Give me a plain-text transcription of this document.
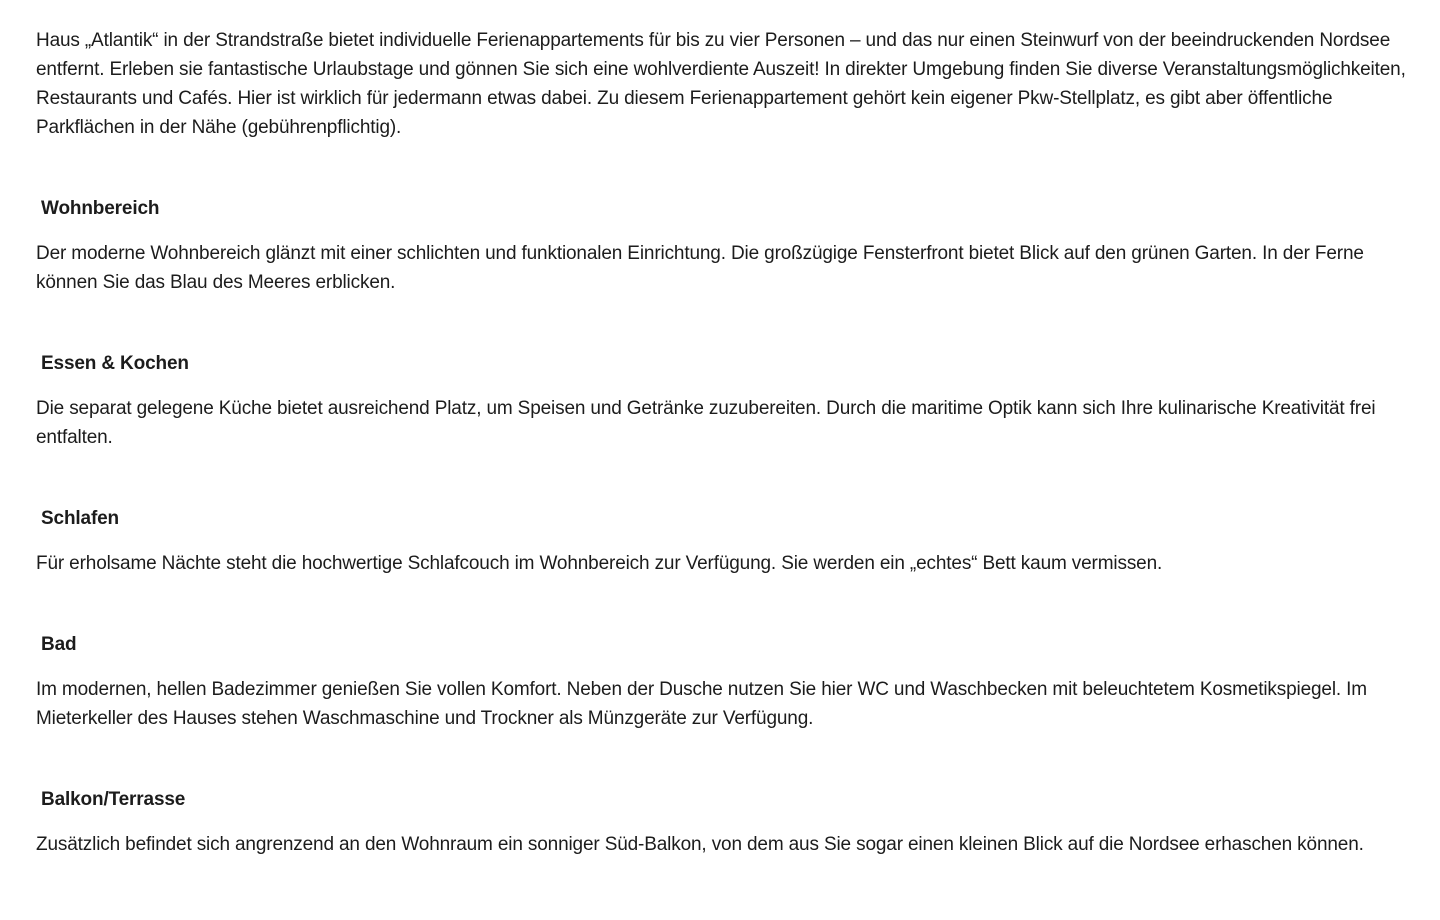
Haus „Atlantik“ in der Strandstraße bietet individuelle Ferienappartements für bis zu vier Personen – und das nur einen Steinwurf von der beeindruckenden Nordsee entfernt. Erleben sie fantastische Urlaubstage und gönnen Sie sich eine wohlverdiente Auszeit! In direkter Umgebung finden Sie diverse Veranstaltungsmöglichkeiten, Restaurants und Cafés. Hier ist wirklich für jedermann etwas dabei. Zu diesem Ferienappartement gehört kein eigener Pkw-Stellplatz, es gibt aber öffentliche Parkflächen in der Nähe (gebührenpflichtig).

Wohnbereich

Der moderne Wohnbereich glänzt mit einer schlichten und funktionalen Einrichtung. Die großzügige Fensterfront bietet Blick auf den grünen Garten. In der Ferne können Sie das Blau des Meeres erblicken.

Essen & Kochen

Die separat gelegene Küche bietet ausreichend Platz, um Speisen und Getränke zuzubereiten. Durch die maritime Optik kann sich Ihre kulinarische Kreativität frei entfalten.

Schlafen

Für erholsame Nächte steht die hochwertige Schlafcouch im Wohnbereich zur Verfügung. Sie werden ein „echtes“ Bett kaum vermissen.

Bad

Im modernen, hellen Badezimmer genießen Sie vollen Komfort. Neben der Dusche nutzen Sie hier WC und Waschbecken mit beleuchtetem Kosmetikspiegel. Im Mieterkeller des Hauses stehen Waschmaschine und Trockner als Münzgeräte zur Verfügung.

Balkon/Terrasse

Zusätzlich befindet sich angrenzend an den Wohnraum ein sonniger Süd-Balkon, von dem aus Sie sogar einen kleinen Blick auf die Nordsee erhaschen können.
